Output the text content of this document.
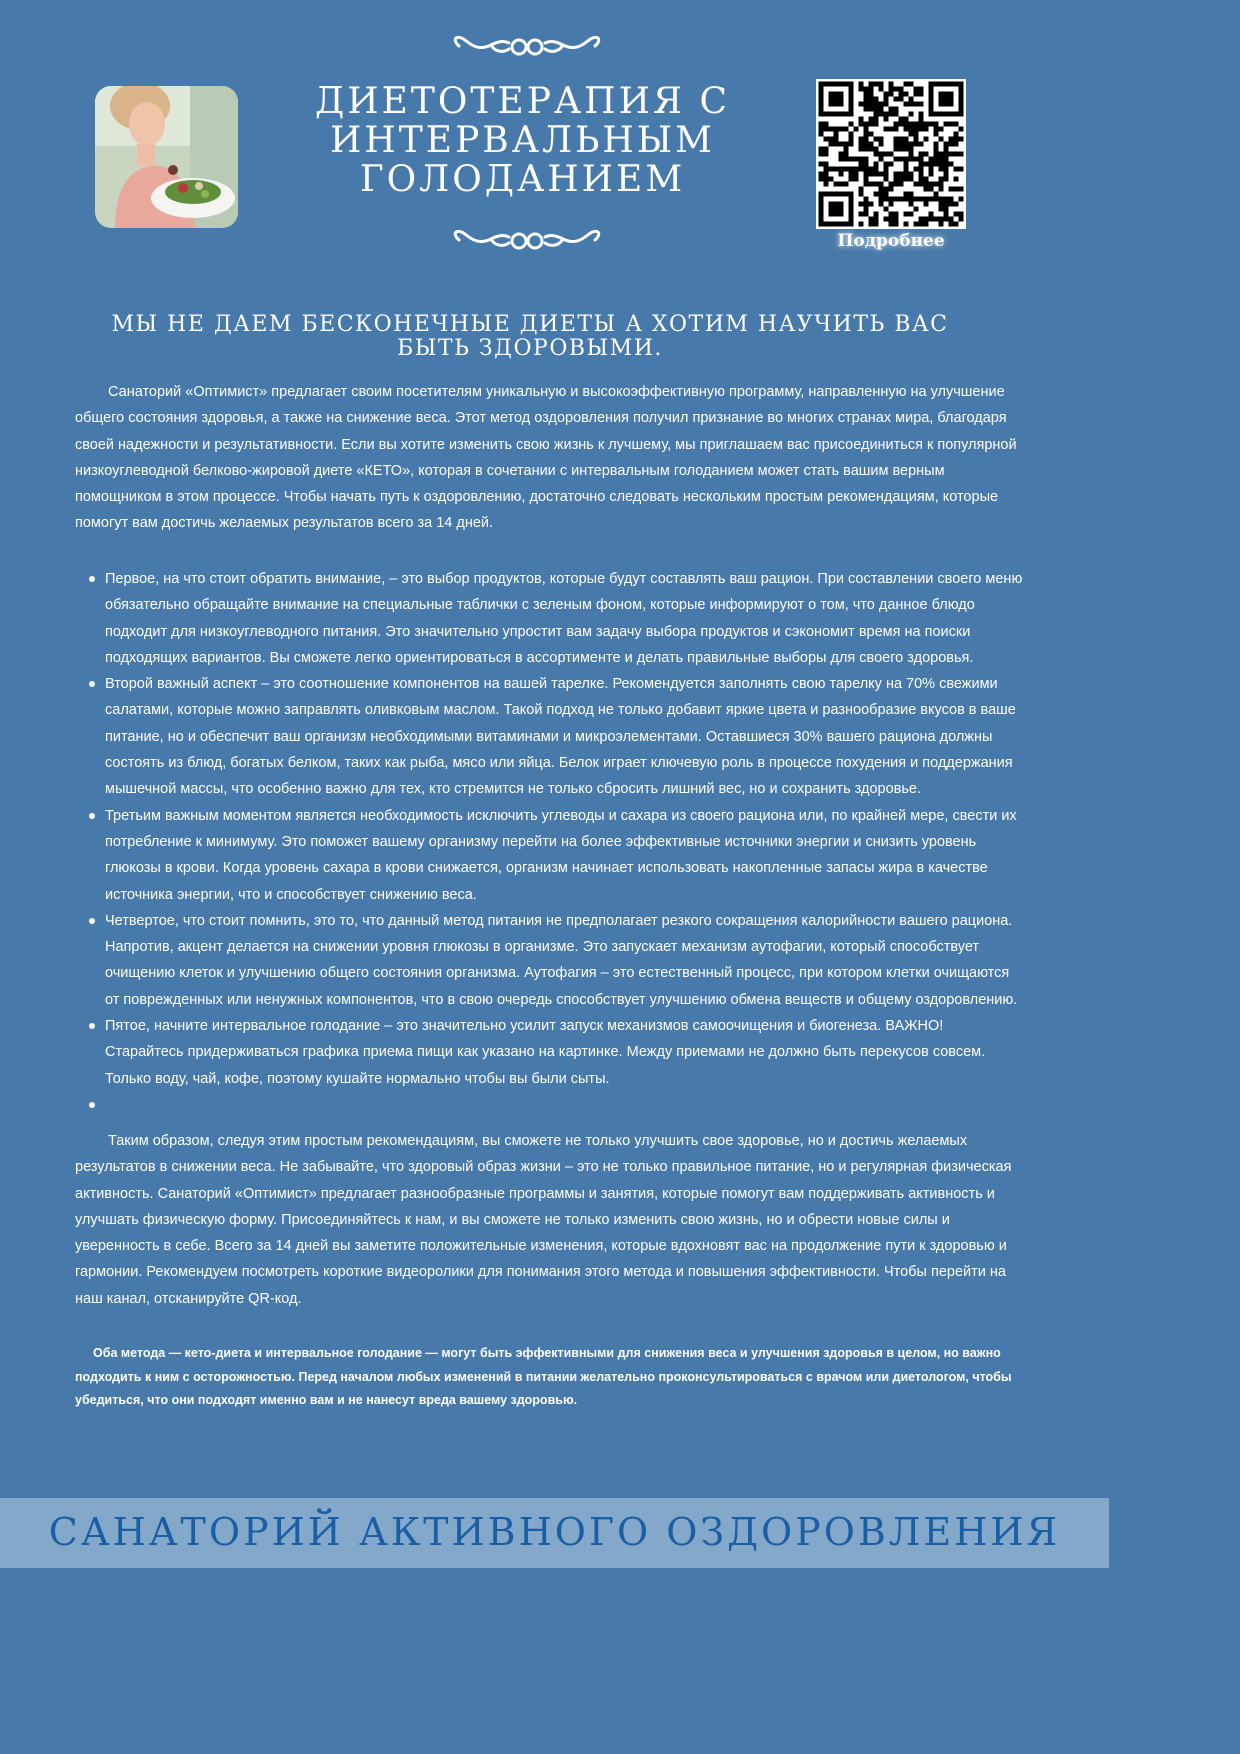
ДИЕТОТЕРАПИЯ С ИНТЕРВАЛЬНЫМ ГОЛОДАНИЕМ
Подробнее
МЫ НЕ ДАЕМ БЕСКОНЕЧНЫЕ ДИЕТЫ А ХОТИМ НАУЧИТЬ ВАС БЫТЬ ЗДОРОВЫМИ.

Санаторий «Оптимист» предлагает своим посетителям уникальную и высокоэффективную программу, направленную на улучшение общего состояния здоровья, а также на снижение веса. Этот метод оздоровления получил признание во многих странах мира, благодаря своей надежности и результативности. Если вы хотите изменить свою жизнь к лучшему, мы приглашаем вас присоединиться к популярной низкоуглеводной белково-жировой диете «КЕТО», которая в сочетании с интервальным голоданием может стать вашим верным помощником в этом процессе. Чтобы начать путь к оздоровлению, достаточно следовать нескольким простым рекомендациям, которые помогут вам достичь желаемых результатов всего за 14 дней.

Первое, на что стоит обратить внимание, – это выбор продуктов, которые будут составлять ваш рацион. При составлении своего меню обязательно обращайте внимание на специальные таблички с зеленым фоном, которые информируют о том, что данное блюдо подходит для низкоуглеводного питания. Это значительно упростит вам задачу выбора продуктов и сэкономит время на поиски подходящих вариантов. Вы сможете легко ориентироваться в ассортименте и делать правильные выборы для своего здоровья.
Второй важный аспект – это соотношение компонентов на вашей тарелке. Рекомендуется заполнять свою тарелку на 70% свежими салатами, которые можно заправлять оливковым маслом. Такой подход не только добавит яркие цвета и разнообразие вкусов в ваше питание, но и обеспечит ваш организм необходимыми витаминами и микроэлементами. Оставшиеся 30% вашего рациона должны состоять из блюд, богатых белком, таких как рыба, мясо или яйца. Белок играет ключевую роль в процессе похудения и поддержания мышечной массы, что особенно важно для тех, кто стремится не только сбросить лишний вес, но и сохранить здоровье.
Третьим важным моментом является необходимость исключить углеводы и сахара из своего рациона или, по крайней мере, свести их потребление к минимуму. Это поможет вашему организму перейти на более эффективные источники энергии и снизить уровень глюкозы в крови. Когда уровень сахара в крови снижается, организм начинает использовать накопленные запасы жира в качестве источника энергии, что и способствует снижению веса.
Четвертое, что стоит помнить, это то, что данный метод питания не предполагает резкого сокращения калорийности вашего рациона. Напротив, акцент делается на снижении уровня глюкозы в организме. Это запускает механизм аутофагии, который способствует очищению клеток и улучшению общего состояния организма. Аутофагия – это естественный процесс, при котором клетки очищаются от поврежденных или ненужных компонентов, что в свою очередь способствует улучшению обмена веществ и общему оздоровлению.
Пятое, начните интервальное голодание – это значительно усилит запуск механизмов самоочищения и биогенеза. ВАЖНО! Старайтесь придерживаться графика приема пищи как указано на картинке. Между приемами не должно быть перекусов совсем. Только воду, чай, кофе, поэтому кушайте нормально чтобы вы были сыты.

Таким образом, следуя этим простым рекомендациям, вы сможете не только улучшить свое здоровье, но и достичь желаемых результатов в снижении веса. Не забывайте, что здоровый образ жизни – это не только правильное питание, но и регулярная физическая активность. Санаторий «Оптимист» предлагает разнообразные программы и занятия, которые помогут вам поддерживать активность и улучшать физическую форму. Присоединяйтесь к нам, и вы сможете не только изменить свою жизнь, но и обрести новые силы и уверенность в себе. Всего за 14 дней вы заметите положительные изменения, которые вдохновят вас на продолжение пути к здоровью и гармонии. Рекомендуем посмотреть короткие видеоролики для понимания этого метода и повышения эффективности. Чтобы перейти на наш канал, отсканируйте QR-код.

Оба метода — кето-диета и интервальное голодание — могут быть эффективными для снижения веса и улучшения здоровья в целом, но важно подходить к ним с осторожностью. Перед началом любых изменений в питании желательно проконсультироваться с врачом или диетологом, чтобы убедиться, что они подходят именно вам и не нанесут вреда вашему здоровью.

САНАТОРИЙ АКТИВНОГО ОЗДОРОВЛЕНИЯ
